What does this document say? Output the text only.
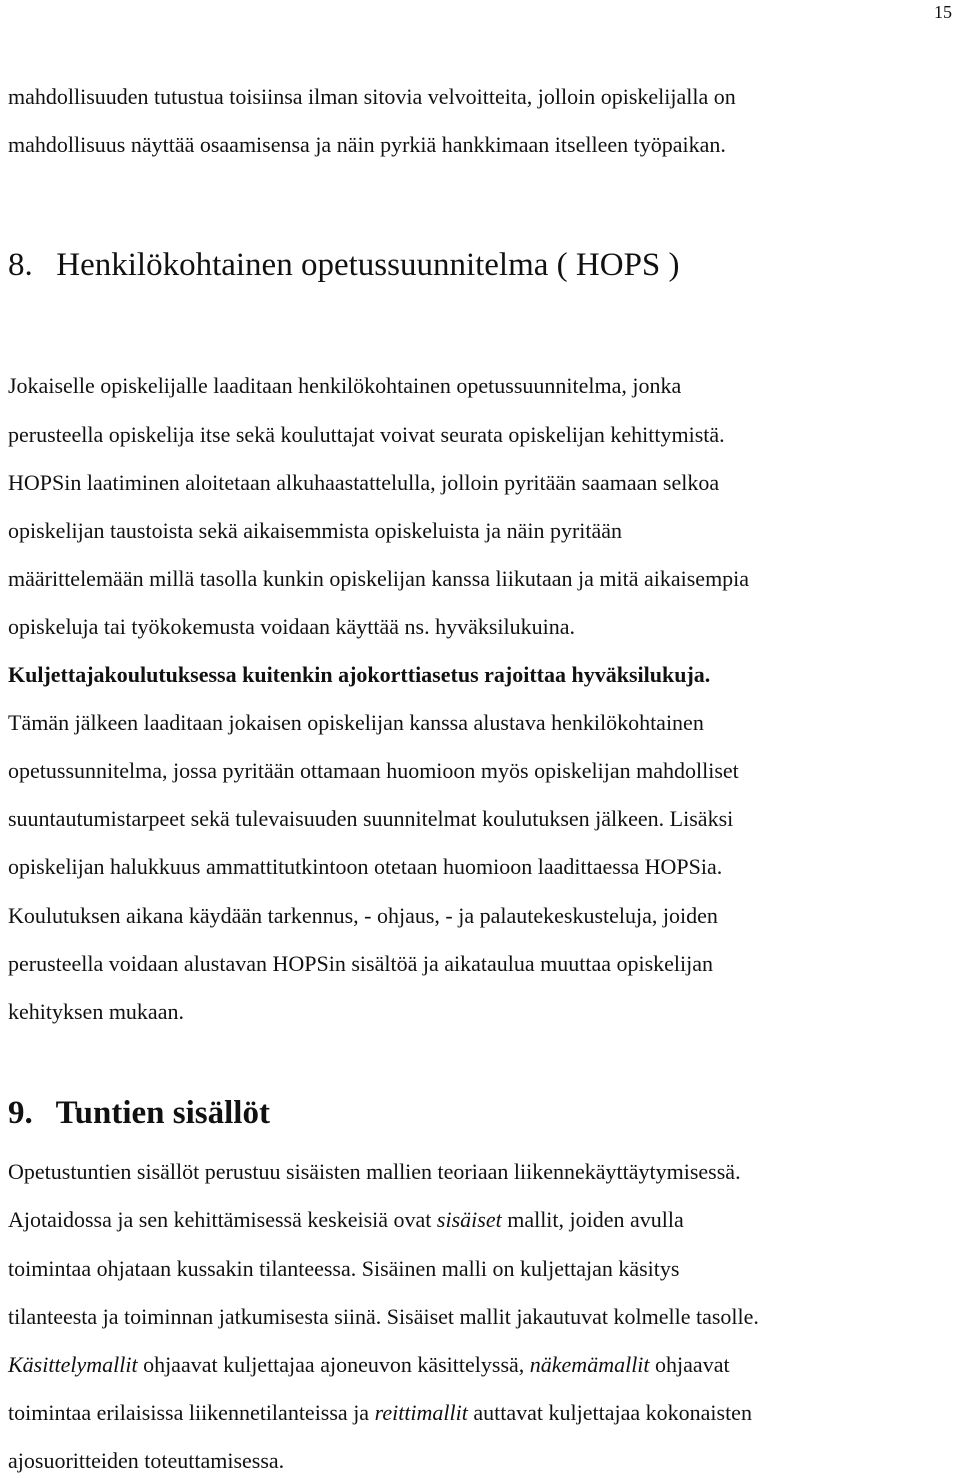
15
mahdollisuuden tutustua toisiinsa ilman sitovia velvoitteita, jolloin opiskelijalla on
mahdollisuus näyttää osaamisensa ja näin pyrkiä hankkimaan itselleen työpaikan.
8. Henkilökohtainen opetussuunnitelma ( HOPS )
Jokaiselle opiskelijalle laaditaan henkilökohtainen opetussuunnitelma, jonka
perusteella opiskelija itse sekä kouluttajat voivat seurata opiskelijan kehittymistä.
HOPSin laatiminen aloitetaan alkuhaastattelulla, jolloin pyritään saamaan selkoa
opiskelijan taustoista sekä aikaisemmista opiskeluista ja näin pyritään
määrittelemään millä tasolla kunkin opiskelijan kanssa liikutaan ja mitä aikaisempia
opiskeluja tai työkokemusta voidaan käyttää ns. hyväksilukuina.
Kuljettajakoulutuksessa kuitenkin ajokorttiasetus rajoittaa hyväksilukuja.
Tämän jälkeen laaditaan jokaisen opiskelijan kanssa alustava henkilökohtainen
opetussunnitelma, jossa pyritään ottamaan huomioon myös opiskelijan mahdolliset
suuntautumistarpeet sekä tulevaisuuden suunnitelmat koulutuksen jälkeen. Lisäksi
opiskelijan halukkuus ammattitutkintoon otetaan huomioon laadittaessa HOPSia.
Koulutuksen aikana käydään tarkennus, - ohjaus, - ja palautekeskusteluja, joiden
perusteella voidaan alustavan HOPSin sisältöä ja aikataulua muuttaa opiskelijan
kehityksen mukaan.
9. Tuntien sisällöt
Opetustuntien sisällöt perustuu sisäisten mallien teoriaan liikennekäyttäytymisessä.
Ajotaidossa ja sen kehittämisessä keskeisiä ovat sisäiset mallit, joiden avulla
toimintaa ohjataan kussakin tilanteessa. Sisäinen malli on kuljettajan käsitys
tilanteesta ja toiminnan jatkumisesta siinä. Sisäiset mallit jakautuvat kolmelle tasolle.
Käsittelymallit ohjaavat kuljettajaa ajoneuvon käsittelyssä, näkemämallit ohjaavat
toimintaa erilaisissa liikennetilanteissa ja reittimallit auttavat kuljettajaa kokonaisten
ajosuoritteiden toteuttamisessa.
